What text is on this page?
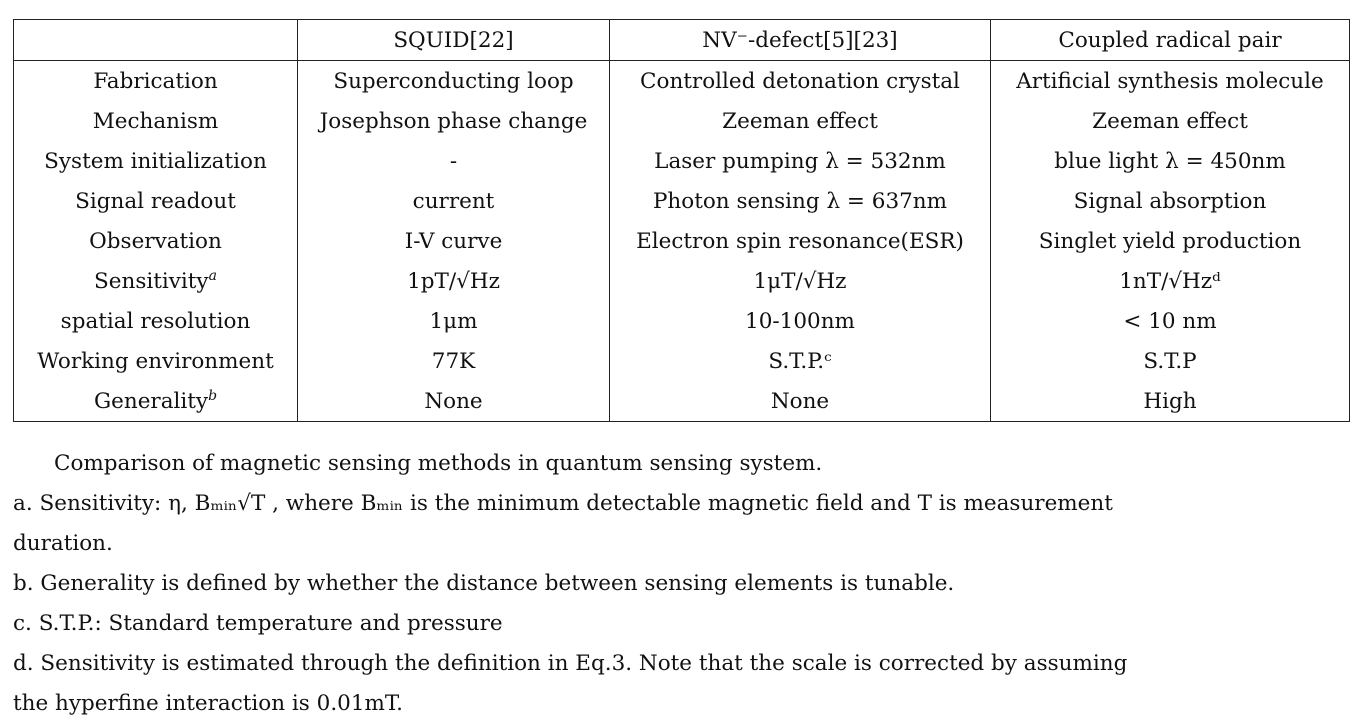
	SQUID[22]	NV⁻-defect[5][23]	Coupled radical pair
Fabrication	Superconducting loop	Controlled detonation crystal	Artificial synthesis molecule
Mechanism	Josephson phase change	Zeeman effect	Zeeman effect
System initialization	-	Laser pumping λ = 532nm	blue light λ = 450nm
Signal readout	current	Photon sensing λ = 637nm	Signal absorption
Observation	I-V curve	Electron spin resonance(ESR)	Singlet yield production
Sensitivity$^a$	1pT/√Hz	1μT/√Hz	1nT/√Hzᵈ
spatial resolution	1μm	10-100nm	< 10 nm
Working environment	77K	S.T.P.ᶜ	S.T.P
Generality$^b$	None	None	High

Comparison of magnetic sensing methods in quantum sensing system.

a. Sensitivity: η, Bₘᵢₙ√T , where Bₘᵢₙ is the minimum detectable magnetic field and T is measurement

duration.

b. Generality is defined by whether the distance between sensing elements is tunable.

c. S.T.P.: Standard temperature and pressure

d. Sensitivity is estimated through the definition in Eq.3. Note that the scale is corrected by assuming

the hyperfine interaction is 0.01mT.
